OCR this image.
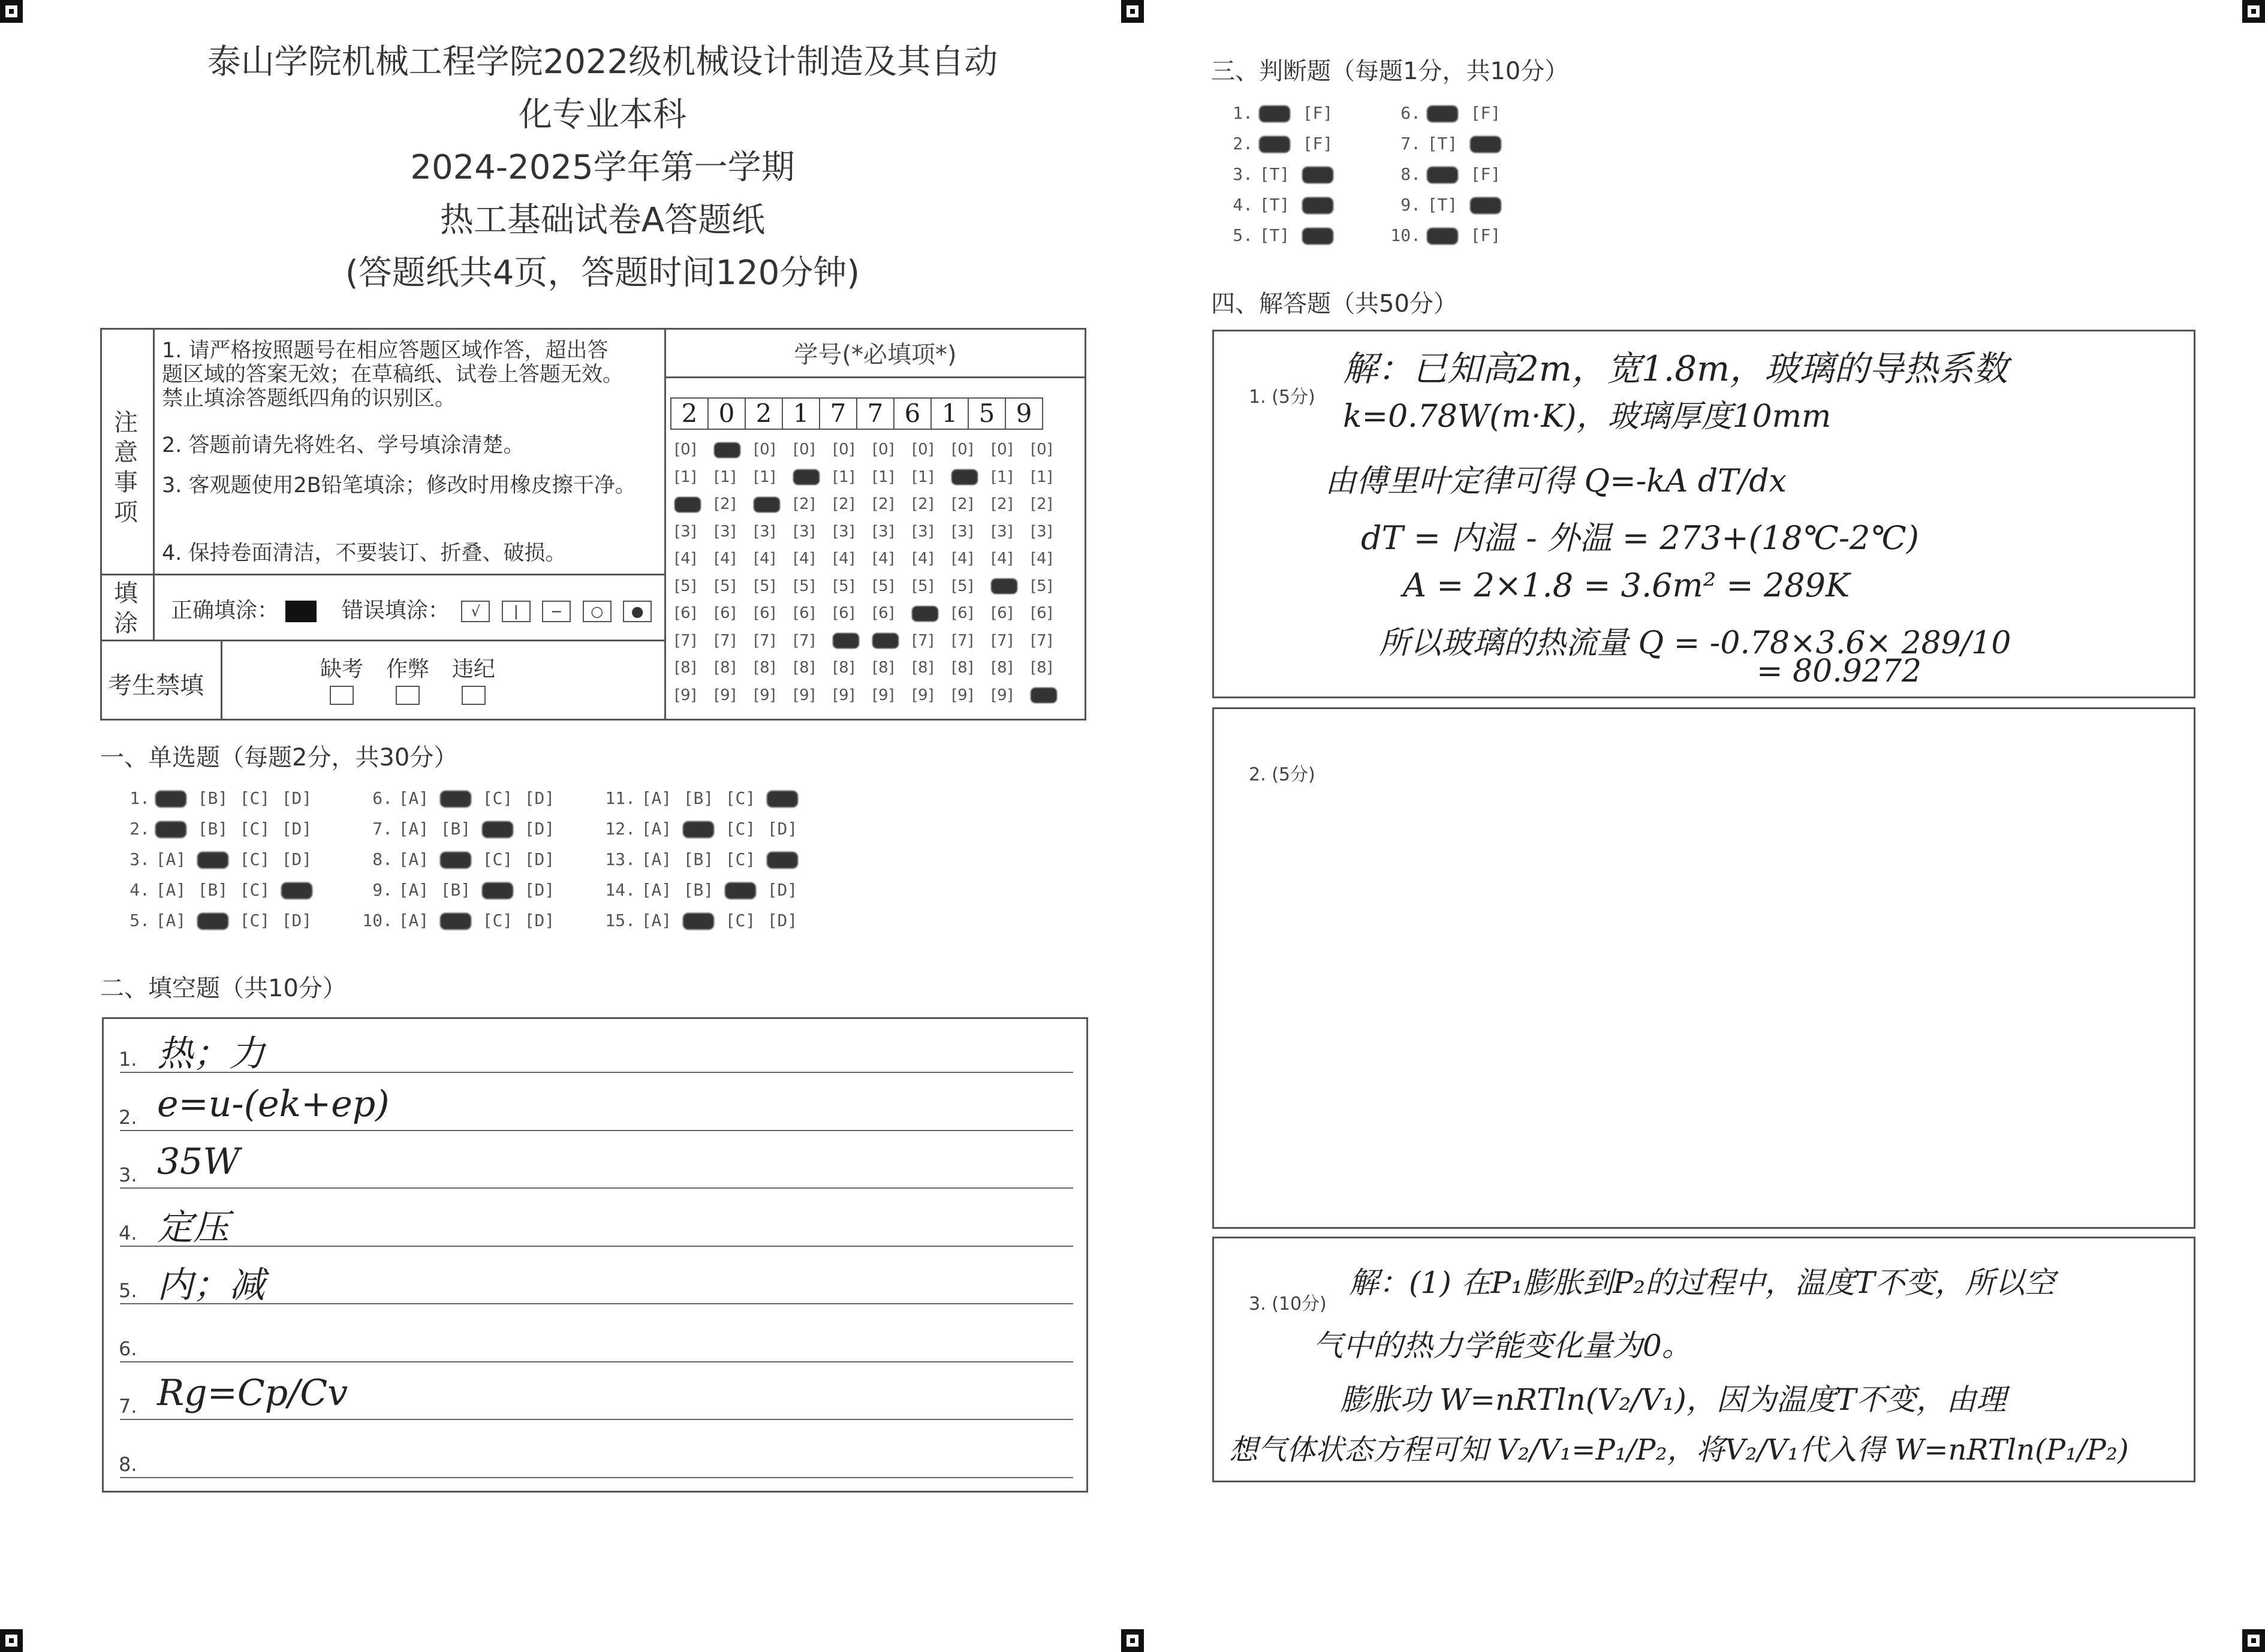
泰山学院机械工程学院2022级机械设计制造及其自动
化专业本科
2024-2025学年第一学期
热工基础试卷A答题纸
(答题纸共4页，答题时间120分钟)
注意事项
1. 请严格按照题号在相应答题区域作答，超出答题区域的答案无效；在草稿纸、试卷上答题无效。禁止填涂答题纸四角的识别区。
2. 答题前请先将姓名、学号填涂清楚。
3. 客观题使用2B铅笔填涂；修改时用橡皮擦干净。
4. 保持卷面清洁，不要装订、折叠、破损。
填涂 正确填涂：	错误填涂： √ | − ○ ●
考生禁填
缺考 作弊 违纪
学号(*必填项*)
2 0 2 1 7 7 6 1 5 9
[0]	[0] [0] [0] [0] [0] [0] [0] [0]
[1] [1] [1]	[1] [1] [1]	[1] [1]
[2]	[2] [2] [2] [2] [2] [2] [2]
[3] [3] [3] [3] [3] [3] [3] [3] [3] [3]
[4] [4] [4] [4] [4] [4] [4] [4] [4] [4]
[5] [5] [5] [5] [5] [5] [5] [5]	[5]
[6] [6] [6] [6] [6] [6]	[6] [6] [6]
[7] [7] [7] [7]	[7] [7] [7] [7]
[8] [8] [8] [8] [8] [8] [8] [8] [8] [8]
[9] [9] [9] [9] [9] [9] [9] [9] [9]
一、单选题（每题2分，共30分）
1.	[B] [C] [D]
2.	[B] [C] [D]
3. [A]	[C] [D]
4. [A] [B] [C]
5. [A]	[C] [D]
6. [A]	[C] [D]
7. [A] [B]	[D]
8. [A]	[C] [D]
9. [A] [B]	[D]
10. [A]	[C] [D]
11. [A] [B] [C]
12. [A]	[C] [D]
13. [A] [B] [C]
14. [A] [B]	[D]
15. [A]	[C] [D]
二、填空题（共10分）
1. 热；力
2. e=u-(ek+ep)
3. 35W
4. 定压
5. 内；减
6.
7. Rg=Cp/Cv
8.
三、判断题（每题1分，共10分）
1.	[F]
2.	[F]
3. [T]
4. [T]
5. [T]
6.	[F]
7. [T]
8.	[F]
9. [T]
10.	[F]
四、解答题（共50分）
1. (5分)
解：已知高2m，宽1.8m，玻璃的导热系数
k=0.78W(m·K)，玻璃厚度10mm
由傅里叶定律可得 Q=-kA dT/dx
dT = 内温 - 外温 = 273+(18℃-2℃)
A = 2×1.8 = 3.6m² = 289K
所以玻璃的热流量 Q = -0.78×3.6× 289/10
= 80.9272
2. (5分)
3. (10分)
解：(1) 在P₁膨胀到P₂的过程中，温度T不变，所以空
气中的热力学能变化量为0。
膨胀功 W=nRTln(V₂/V₁)，因为温度T不变，由理
想气体状态方程可知 V₂/V₁=P₁/P₂，将V₂/V₁代入得 W=nRTln(P₁/P₂)
